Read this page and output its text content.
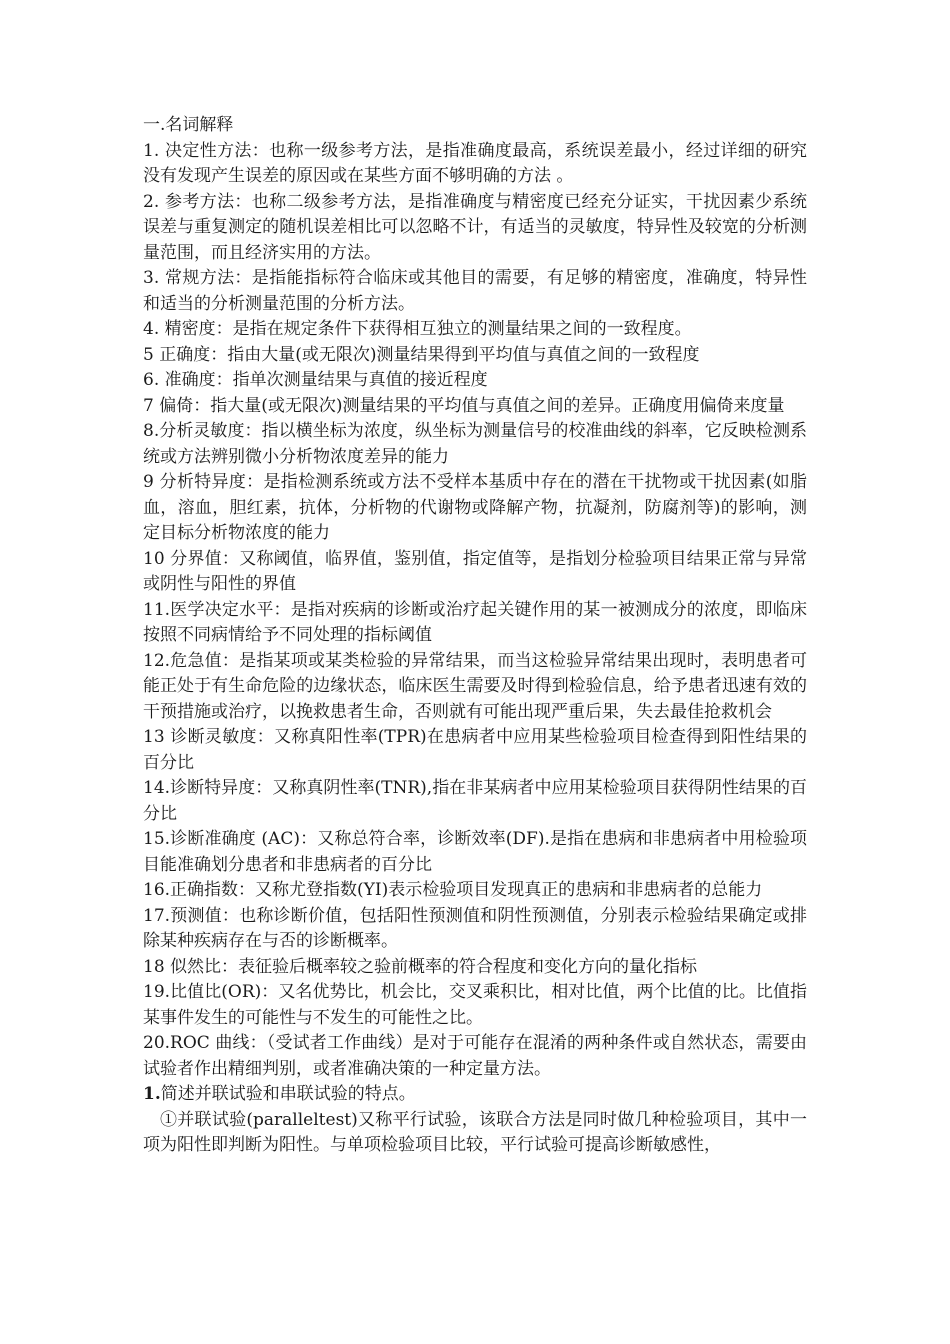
一.名词解释

1. 决定性方法：也称一级参考方法，是指准确度最高，系统误差最小，经过详细的研究没有发现产生误差的原因或在某些方面不够明确的方法 。

2. 参考方法：也称二级参考方法，是指准确度与精密度已经充分证实，干扰因素少系统误差与重复测定的随机误差相比可以忽略不计，有适当的灵敏度，特异性及较宽的分析测量范围，而且经济实用的方法。

3. 常规方法：是指能指标符合临床或其他目的需要，有足够的精密度，准确度，特异性和适当的分析测量范围的分析方法。

4. 精密度：是指在规定条件下获得相互独立的测量结果之间的一致程度。

5 正确度：指由大量(或无限次)测量结果得到平均值与真值之间的一致程度

6. 准确度：指单次测量结果与真值的接近程度

7 偏倚：指大量(或无限次)测量结果的平均值与真值之间的差异。正确度用偏倚来度量

8.分析灵敏度：指以横坐标为浓度，纵坐标为测量信号的校准曲线的斜率，它反映检测系统或方法辨别微小分析物浓度差异的能力

9 分析特异度：是指检测系统或方法不受样本基质中存在的潜在干扰物或干扰因素(如脂血，溶血，胆红素，抗体，分析物的代谢物或降解产物，抗凝剂，防腐剂等)的影响，测定目标分析物浓度的能力

10 分界值：又称阈值，临界值，鉴别值，指定值等，是指划分检验项目结果正常与异常或阴性与阳性的界值

11.医学决定水平：是指对疾病的诊断或治疗起关键作用的某一被测成分的浓度，即临床按照不同病情给予不同处理的指标阈值

12.危急值：是指某项或某类检验的异常结果，而当这检验异常结果出现时，表明患者可能正处于有生命危险的边缘状态，临床医生需要及时得到检验信息，给予患者迅速有效的干预措施或治疗，以挽救患者生命，否则就有可能出现严重后果，失去最佳抢救机会

13 诊断灵敏度：又称真阳性率(TPR)在患病者中应用某些检验项目检查得到阳性结果的百分比

14.诊断特异度：又称真阴性率(TNR),指在非某病者中应用某检验项目获得阴性结果的百分比

15.诊断准确度 (AC)：又称总符合率，诊断效率(DF).是指在患病和非患病者中用检验项目能准确划分患者和非患病者的百分比

16.正确指数：又称尤登指数(YI)表示检验项目发现真正的患病和非患病者的总能力

17.预测值：也称诊断价值，包括阳性预测值和阴性预测值，分别表示检验结果确定或排除某种疾病存在与否的诊断概率。

18 似然比：表征验后概率较之验前概率的符合程度和变化方向的量化指标

19.比值比(OR)：又名优势比，机会比，交叉乘积比，相对比值，两个比值的比。比值指某事件发生的可能性与不发生的可能性之比。

20.ROC 曲线：（受试者工作曲线）是对于可能存在混淆的两种条件或自然状态，需要由试验者作出精细判别，或者准确决策的一种定量方法。

1.简述并联试验和串联试验的特点。

①并联试验(paralleltest)又称平行试验，该联合方法是同时做几种检验项目，其中一项为阳性即判断为阳性。与单项检验项目比较，平行试验可提高诊断敏感性，
